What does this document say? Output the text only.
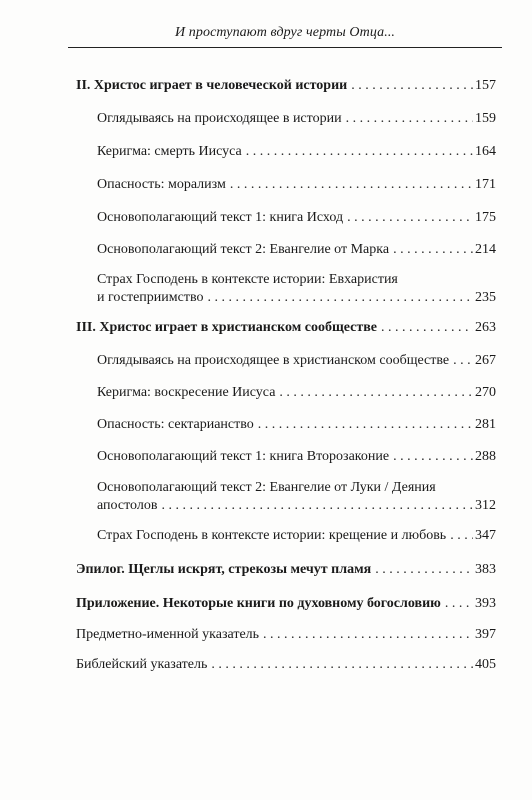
И проступают вдруг черты Отца...
II. Христос играет в человеческой истории . . .	157
Оглядываясь на происходящее в истории . . .	159
Керигма: смерть Иисуса . . .	164
Опасность: морализм . . .	171
Основополагающий текст 1: книга Исход . . .	175
Основополагающий текст 2: Евангелие от Марка . . .	214
Страх Господень в контексте истории: Евхаристия
и гостеприимство . . .	235
III. Христос играет в христианском сообществе . . .	263
Оглядываясь на происходящее в христианском сообществе . . . 267
Керигма: воскресение Иисуса . . .	270
Опасность: сектарианство . . .	281
Основополагающий текст 1: книга Второзаконие . . .	288
Основополагающий текст 2: Евангелие от Луки / Деяния
апостолов . . .	312
Страх Господень в контексте истории: крещение и любовь . . . 347
Эпилог. Щеглы искрят, стрекозы мечут пламя . . .	383
Приложение. Некоторые книги по духовному богословию . . . 393
Предметно-именной указатель . . .	397
Библейский указатель . . .	405
